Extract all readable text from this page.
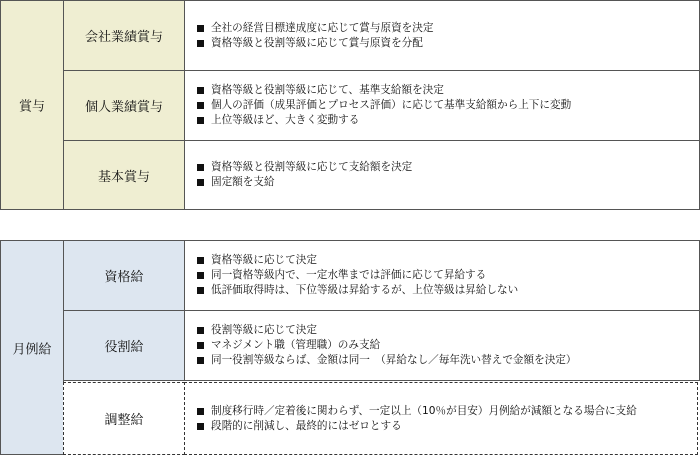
賞与
会社業績賞与
全社の経営目標達成度に応じて賞与原資を決定
資格等級と役割等級に応じて賞与原資を分配
個人業績賞与
資格等級と役割等級に応じて、基準支給額を決定
個人の評価（成果評価とプロセス評価）に応じて基準支給額から上下に変動
上位等級ほど、大きく変動する
基本賞与
資格等級と役割等級に応じて支給額を決定
固定額を支給
月例給
資格給
資格等級に応じて決定
同一資格等級内で、一定水準までは評価に応じて昇給する
低評価取得時は、下位等級は昇給するが、上位等級は昇給しない
役割給
役割等級に応じて決定
マネジメント職（管理職）のみ支給
同一役割等級ならば、金額は同一　（昇給なし／毎年洗い替えで金額を決定）
調整給
制度移行時／定着後に関わらず、一定以上（10％が目安）月例給が減額となる場合に支給
段階的に削減し、最終的にはゼロとする
